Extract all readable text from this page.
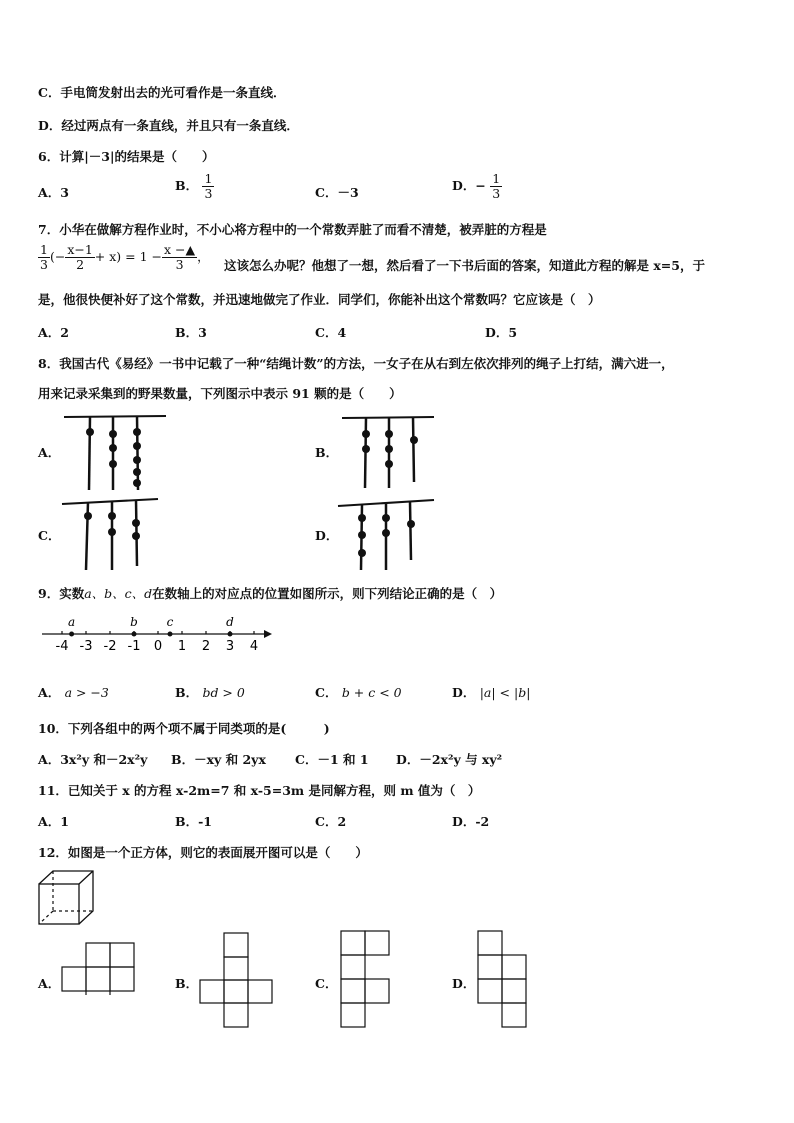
C．手电筒发射出去的光可看作是一条直线．
D．经过两点有一条直线，并且只有一条直线．
6．计算|－3|的结果是（　　）
A．3	B． $\frac{1}{3}$	C．－3	D．− $\frac{1}{3}$
7．小华在做解方程作业时，不小心将方程中的一个常数弄脏了而看不清楚，被弄脏的方程是
$\frac{1}{3}$ (− $\frac{x-1}{2} + x) = 1 - \frac{x -▲}{3}$ ，
这该怎么办呢？他想了一想，然后看了一下书后面的答案，知道此方程的解是 x=5，于
是，他很快便补好了这个常数，并迅速地做完了作业．同学们，你能补出这个常数吗？它应该是（　）
A．2	B．3	C．4	D．5
8．我国古代《易经》一书中记载了一种“结绳计数”的方法，一女子在从右到左依次排列的绳子上打结，满六进一，
用来记录采集到的野果数量，下列图示中表示 91 颗的是（　　）
A．	B．
C．	D．
9．实数a、b、c、d在数轴上的对应点的位置如图所示，则下列结论正确的是（　）
-4 -3 -2 -1 0 1 2 3 4
a	b c	d
A． a > −3	B． bd > 0	C． b + c < 0	D． |a| < |b|
10．下列各组中的两个项不属于同类项的是(　　　)
A．3x²y 和－2x²y B．－xy 和 2yx C．－1 和 1 D．－2x²y 与 xy²
11．已知关于 x 的方程 x-2m=7 和 x-5=3m 是同解方程，则 m 值为（　）
A．1	B．-1	C．2	D．-2
12．如图是一个正方体，则它的表面展开图可以是（　　）
A．	B．	C．	D．
